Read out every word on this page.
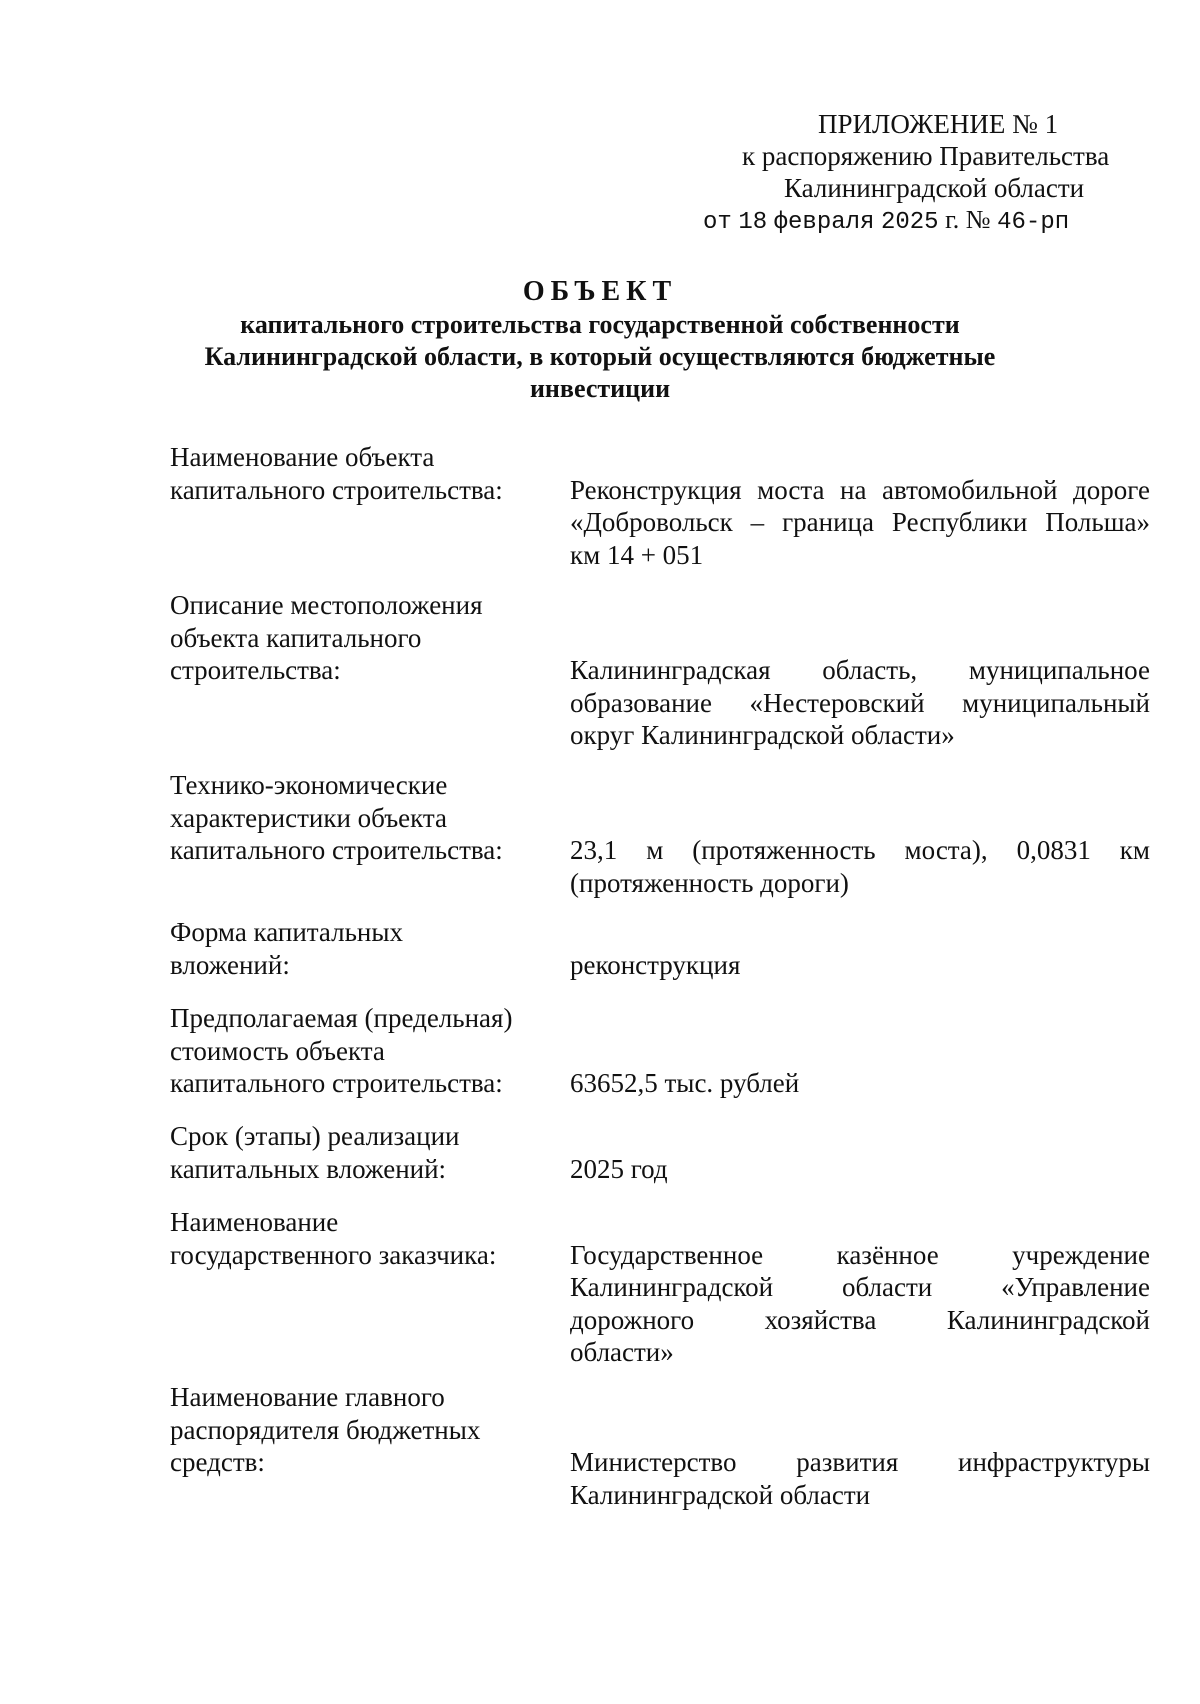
ПРИЛОЖЕНИЕ № 1
к распоряжению Правительства
Калининградской области
от 18 февраля 2025 г. № 46-рп
ОБЪЕКТ
капитального строительства государственной собственности
Калининградской области, в который осуществляются бюджетные
инвестиции
Наименование объекта
капитального строительства:	Реконструкция моста на автомобильной дороге
«Добровольск – граница Республики Польша»
км 14 + 051
Описание местоположения
объекта капитального
строительства:	Калининградская область, муниципальное
образование «Нестеровский муниципальный
округ Калининградской области»
Технико-экономические
характеристики объекта
капитального строительства:	23,1 м (протяженность моста), 0,0831 км
(протяженность дороги)
Форма капитальных
вложений:	реконструкция
Предполагаемая (предельная)
стоимость объекта
капитального строительства:	63652,5 тыс. рублей
Срок (этапы) реализации
капитальных вложений:	2025 год
Наименование
государственного заказчика:	Государственное казённое учреждение
Калининградской области «Управление
дорожного хозяйства Калининградской
области»
Наименование главного
распорядителя бюджетных
средств:	Министерство развития инфраструктуры
Калининградской области
